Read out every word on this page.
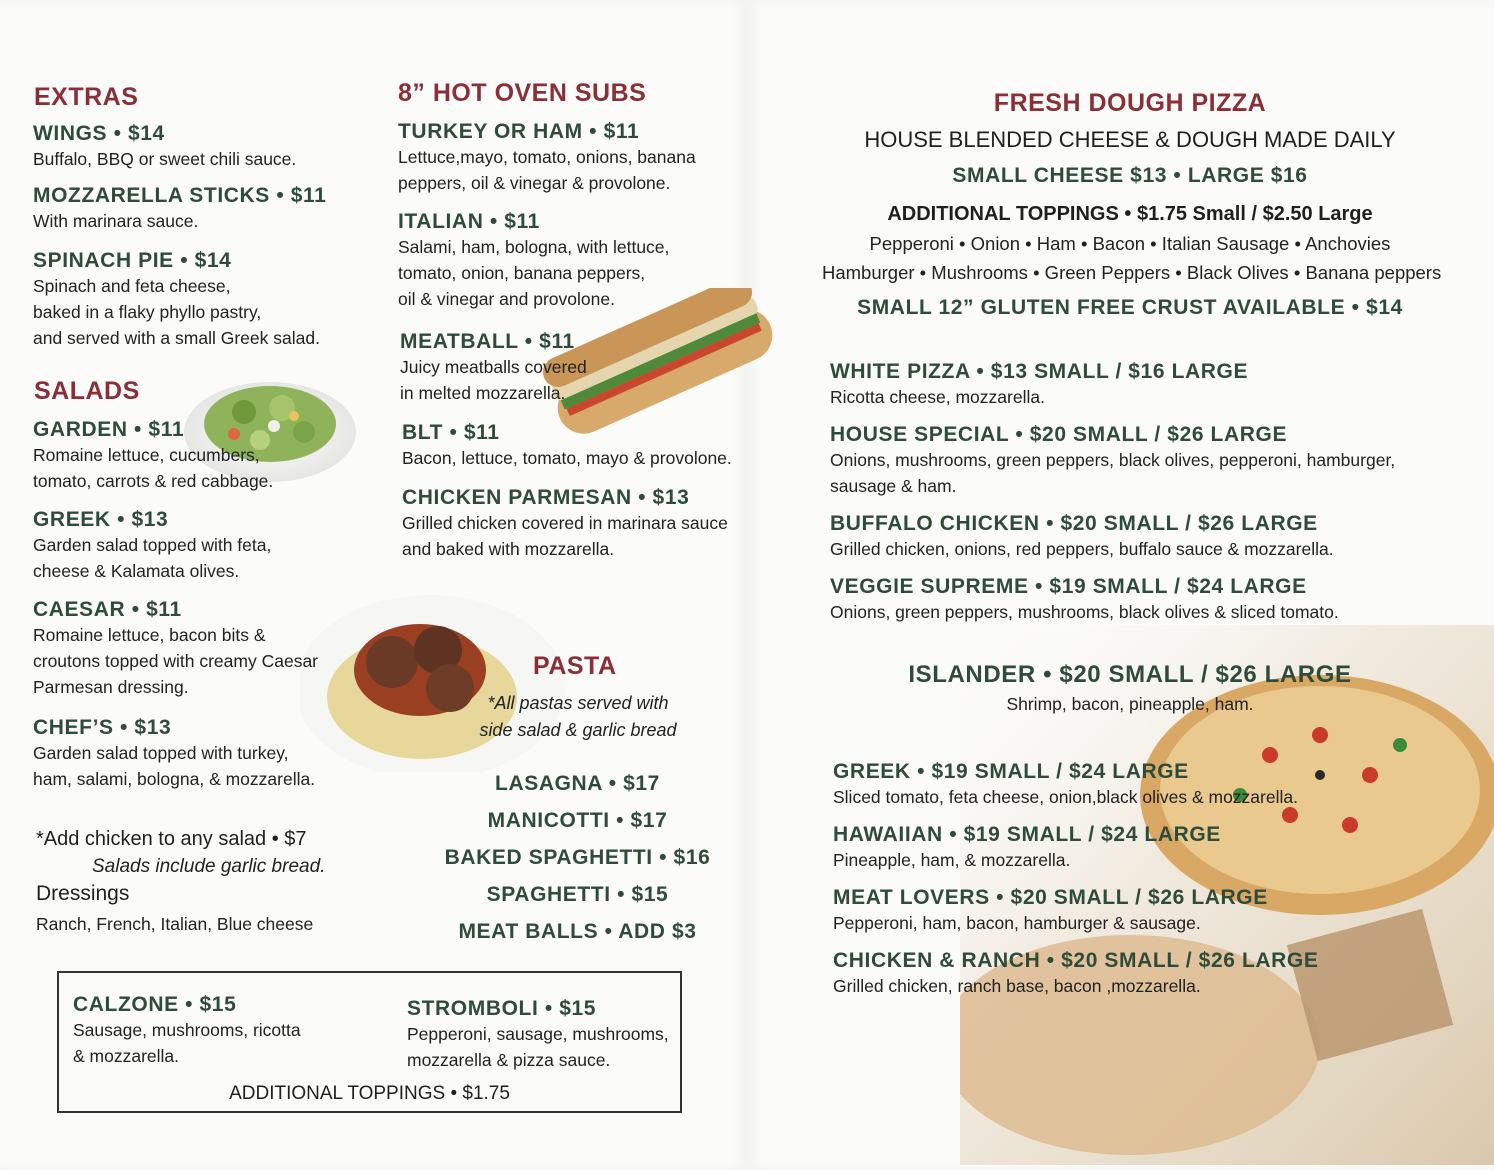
EXTRAS
WINGS • $14
Buffalo, BBQ or sweet chili sauce.
MOZZARELLA STICKS • $11
With marinara sauce.
SPINACH PIE • $14
Spinach and feta cheese,
baked in a flaky phyllo pastry,
and served with a small Greek salad.
SALADS
GARDEN • $11
Romaine lettuce, cucumbers,
tomato, carrots & red cabbage.
GREEK • $13
Garden salad topped with feta,
cheese & Kalamata olives.
CAESAR • $11
Romaine lettuce, bacon bits &
croutons topped with creamy Caesar
Parmesan dressing.
CHEF’S • $13
Garden salad topped with turkey,
ham, salami, bologna, & mozzarella.
*Add chicken to any salad • $7
Salads include garlic bread.
Dressings
Ranch, French, Italian, Blue cheese
8” HOT OVEN SUBS
TURKEY OR HAM • $11
Lettuce,mayo, tomato, onions, banana
peppers, oil & vinegar & provolone.
ITALIAN • $11
Salami, ham, bologna, with lettuce,
tomato, onion, banana peppers,
oil & vinegar and provolone.
MEATBALL • $11
Juicy meatballs covered
in melted mozzarella.
BLT • $11
Bacon, lettuce, tomato, mayo & provolone.
CHICKEN PARMESAN • $13
Grilled chicken covered in marinara sauce
and baked with mozzarella.
PASTA
*All pastas served with
side salad & garlic bread
LASAGNA • $17
MANICOTTI • $17
BAKED SPAGHETTI • $16
SPAGHETTI • $15
MEAT BALLS • ADD $3
CALZONE • $15
Sausage, mushrooms, ricotta
& mozzarella.
STROMBOLI • $15
Pepperoni, sausage, mushrooms,
mozzarella & pizza sauce.
ADDITIONAL TOPPINGS • $1.75
FRESH DOUGH PIZZA
HOUSE BLENDED CHEESE & DOUGH MADE DAILY
SMALL CHEESE $13 • LARGE $16
ADDITIONAL TOPPINGS • $1.75 Small / $2.50 Large
Pepperoni • Onion • Ham • Bacon • Italian Sausage • Anchovies
Hamburger • Mushrooms • Green Peppers • Black Olives • Banana peppers
SMALL 12” GLUTEN FREE CRUST AVAILABLE • $14
WHITE PIZZA • $13 SMALL / $16 LARGE
Ricotta cheese, mozzarella.
HOUSE SPECIAL • $20 SMALL / $26 LARGE
Onions, mushrooms, green peppers, black olives, pepperoni, hamburger,
sausage & ham.
BUFFALO CHICKEN • $20 SMALL / $26 LARGE
Grilled chicken, onions, red peppers, buffalo sauce & mozzarella.
VEGGIE SUPREME • $19 SMALL / $24 LARGE
Onions, green peppers, mushrooms, black olives & sliced tomato.
ISLANDER • $20 SMALL / $26 LARGE
Shrimp, bacon, pineapple, ham.
GREEK • $19 SMALL / $24 LARGE
Sliced tomato, feta cheese, onion,black olives & mozzarella.
HAWAIIAN • $19 SMALL / $24 LARGE
Pineapple, ham, & mozzarella.
MEAT LOVERS • $20 SMALL / $26 LARGE
Pepperoni, ham, bacon, hamburger & sausage.
CHICKEN & RANCH • $20 SMALL / $26 LARGE
Grilled chicken, ranch base, bacon ,mozzarella.
